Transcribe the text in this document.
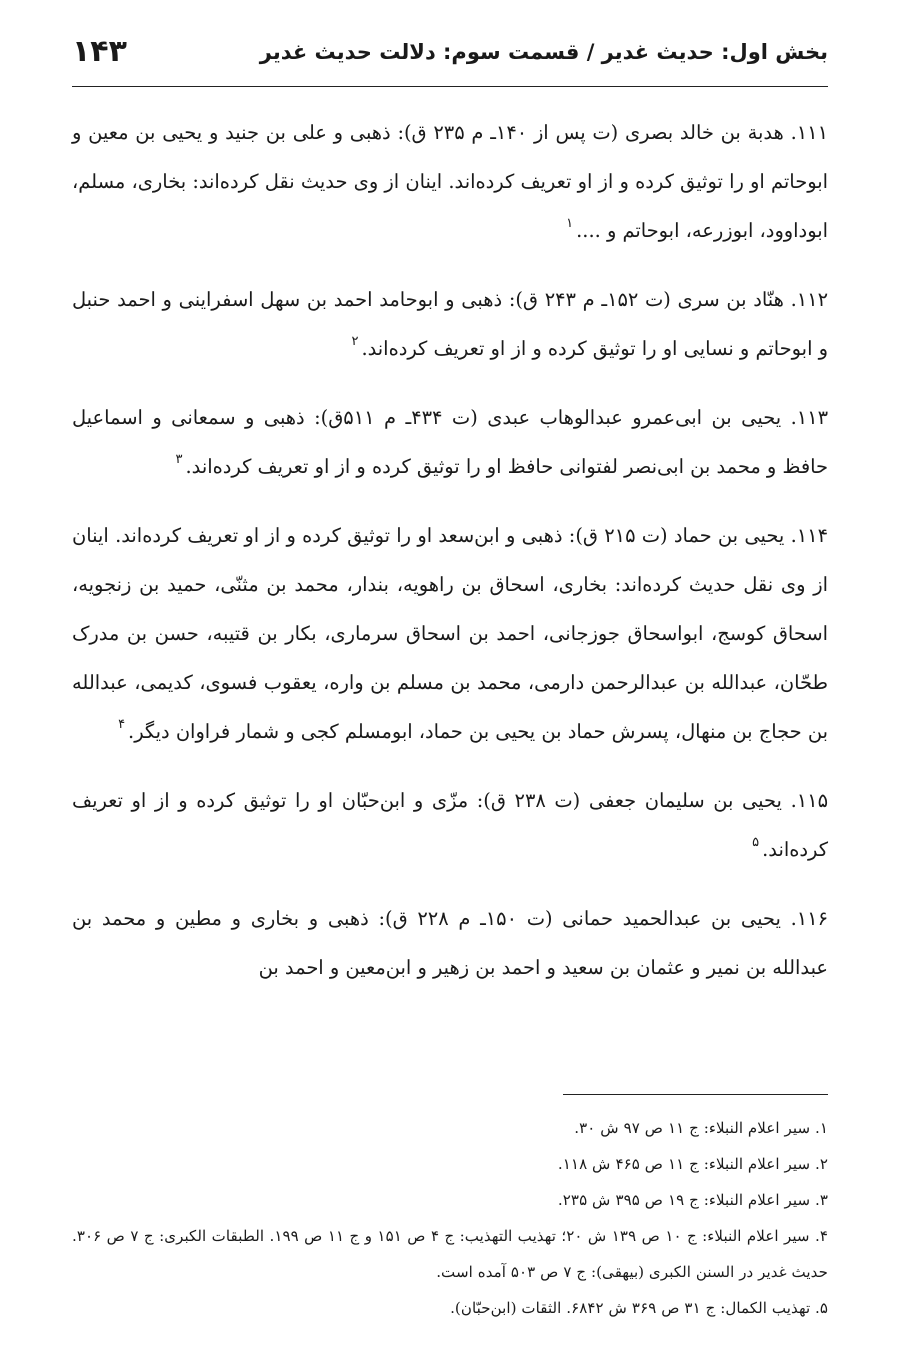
بخش اول: حدیث غدیر / قسمت سوم: دلالت حدیث غدیر
۱۴۳

۱۱۱. هدبة بن خالد بصری (ت پس از ۱۴۰ـ م ۲۳۵ ق): ذهبی و علی بن جنید و یحیی بن معین و ابوحاتم او را توثیق کرده و از او تعریف کرده‌اند. اینان از وی حدیث نقل کرده‌اند: بخاری، مسلم، ابوداوود، ابوزرعه، ابوحاتم و ....$^۱$

۱۱۲. هنّاد بن سری (ت ۱۵۲ـ م ۲۴۳ ق): ذهبی و ابوحامد احمد بن سهل اسفراینی و احمد حنبل و ابوحاتم و نسایی او را توثیق کرده و از او تعریف کرده‌اند.$^۲$

۱۱۳. یحیی بن ابی‌عمرو عبدالوهاب عبدی (ت ۴۳۴ـ م ۵۱۱ق): ذهبی و سمعانی و اسماعیل حافظ و محمد بن ابی‌نصر لفتوانی حافظ او را توثیق کرده و از او تعریف کرده‌اند.$^۳$

۱۱۴. یحیی بن حماد (ت ۲۱۵ ق): ذهبی و ابن‌سعد او را توثیق کرده و از او تعریف کرده‌اند. اینان از وی نقل حدیث کرده‌اند: بخاری، اسحاق بن راهویه، بندار، محمد بن مثنّی، حمید بن زنجویه، اسحاق کوسج، ابواسحاق جوزجانی، احمد بن اسحاق سرماری، بکار بن قتیبه، حسن بن مدرک طحّان، عبدالله بن عبدالرحمن دارمی، محمد بن مسلم بن واره، یعقوب فسوی، کدیمی، عبدالله بن حجاج بن منهال، پسرش حماد بن یحیی بن حماد، ابومسلم کجی و شمار فراوان دیگر.$^۴$

۱۱۵. یحیی بن سلیمان جعفی (ت ۲۳۸ ق): مزّی و ابن‌حبّان او را توثیق کرده و از او تعریف کرده‌اند.$^۵$

۱۱۶. یحیی بن عبدالحمید حمانی (ت ۱۵۰ـ م ۲۲۸ ق): ذهبی و بخاری و مطین و محمد بن عبدالله بن نمیر و عثمان بن سعید و احمد بن زهیر و ابن‌معین و احمد بن

۱. سیر اعلام النبلاء: ج ۱۱ ص ۹۷ ش ۳۰.

۲. سیر اعلام النبلاء: ج ۱۱ ص ۴۶۵ ش ۱۱۸.

۳. سیر اعلام النبلاء: ج ۱۹ ص ۳۹۵ ش ۲۳۵.

۴. سیر اعلام النبلاء: ج ۱۰ ص ۱۳۹ ش ۲۰؛ تهذیب التهذیب: ج ۴ ص ۱۵۱ و ج ۱۱ ص ۱۹۹. الطبقات الکبری: ج ۷ ص ۳۰۶. حدیث غدیر در السنن الکبری (بیهقی): ج ۷ ص ۵۰۳ آمده است.

۵. تهذیب الکمال: ج ۳۱ ص ۳۶۹ ش ۶۸۴۲. الثقات (ابن‌حبّان).
